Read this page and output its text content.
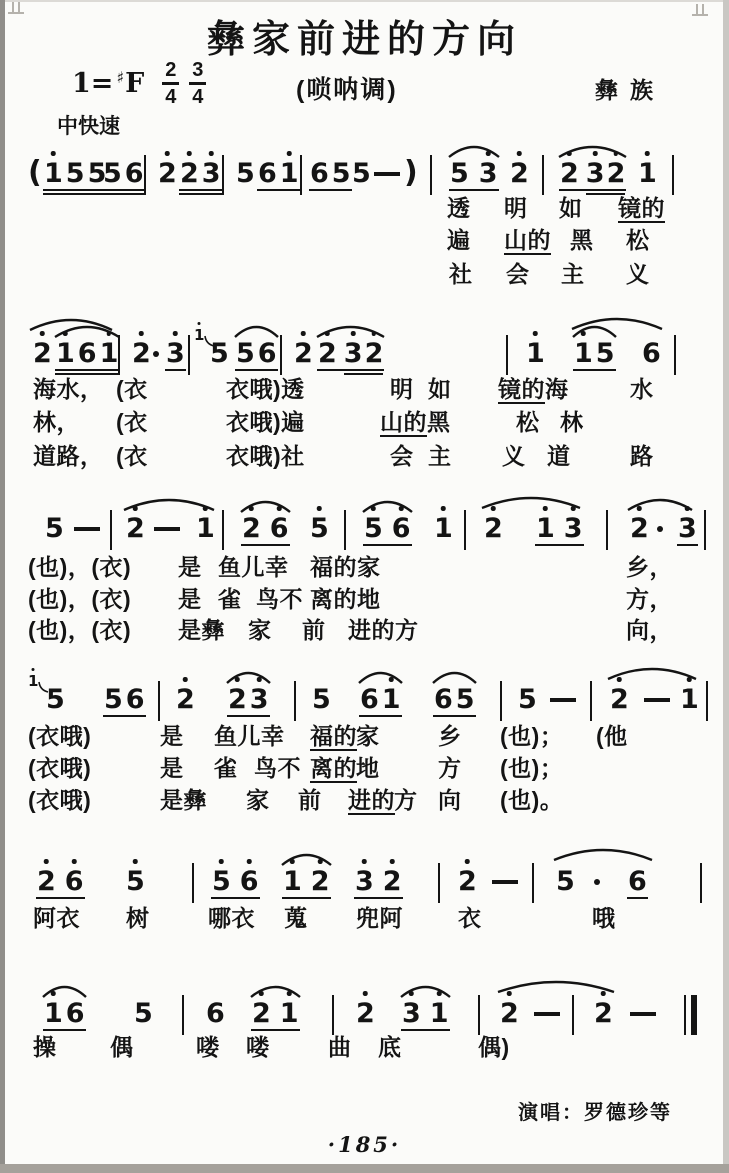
彝家前进的方向
1= ♯ F $\frac{2}{4} \frac{3}{4}$	(唢呐调)	彝族
中快速
( 1 5 5
5 6 2 2 3 5 6 1 6 5 5 ) 5 3 2 2 3 2 1
透 明 如 镜的
遍 山的 黑 松
社 会 主 义
2 1 6 1 2 3
1
5 5 6 2 2 3 2	1 1 5 6
海水， (衣	衣哦)透	明 如 镜的 海	水
林， (衣	衣哦)遍	山的 黑	松 林
道路， (衣	衣哦)社	会 主 义 道	路
5 2 1 2 6 5 5 6 1 2 1 3 2 3
(也)，(衣) 是 鱼儿幸 福的家	乡，
(也)，(衣) 是 雀 鸟不 离的地	方，
(也)，(衣) 是彝 家 前 进的方	向，
1
5 5 6 2 2 3 5 6 1 6 5 5	2 1
(衣哦)	是 鱼儿幸 福的 家	乡 (也)； (他
(衣哦)	是 雀 鸟不 离的 地	方 (也)；
(衣哦)	是彝 家 前 进的 方 向 (也)。
2 6 5 5 6 1 2 3 2 2	5 6
阿衣 树	哪衣 蒐 兜阿 衣	哦
1 6 5 6 2 1 2 3 1 2	2
操 偶	喽 喽	曲 底	偶)
演唱：罗德珍等
·185·
